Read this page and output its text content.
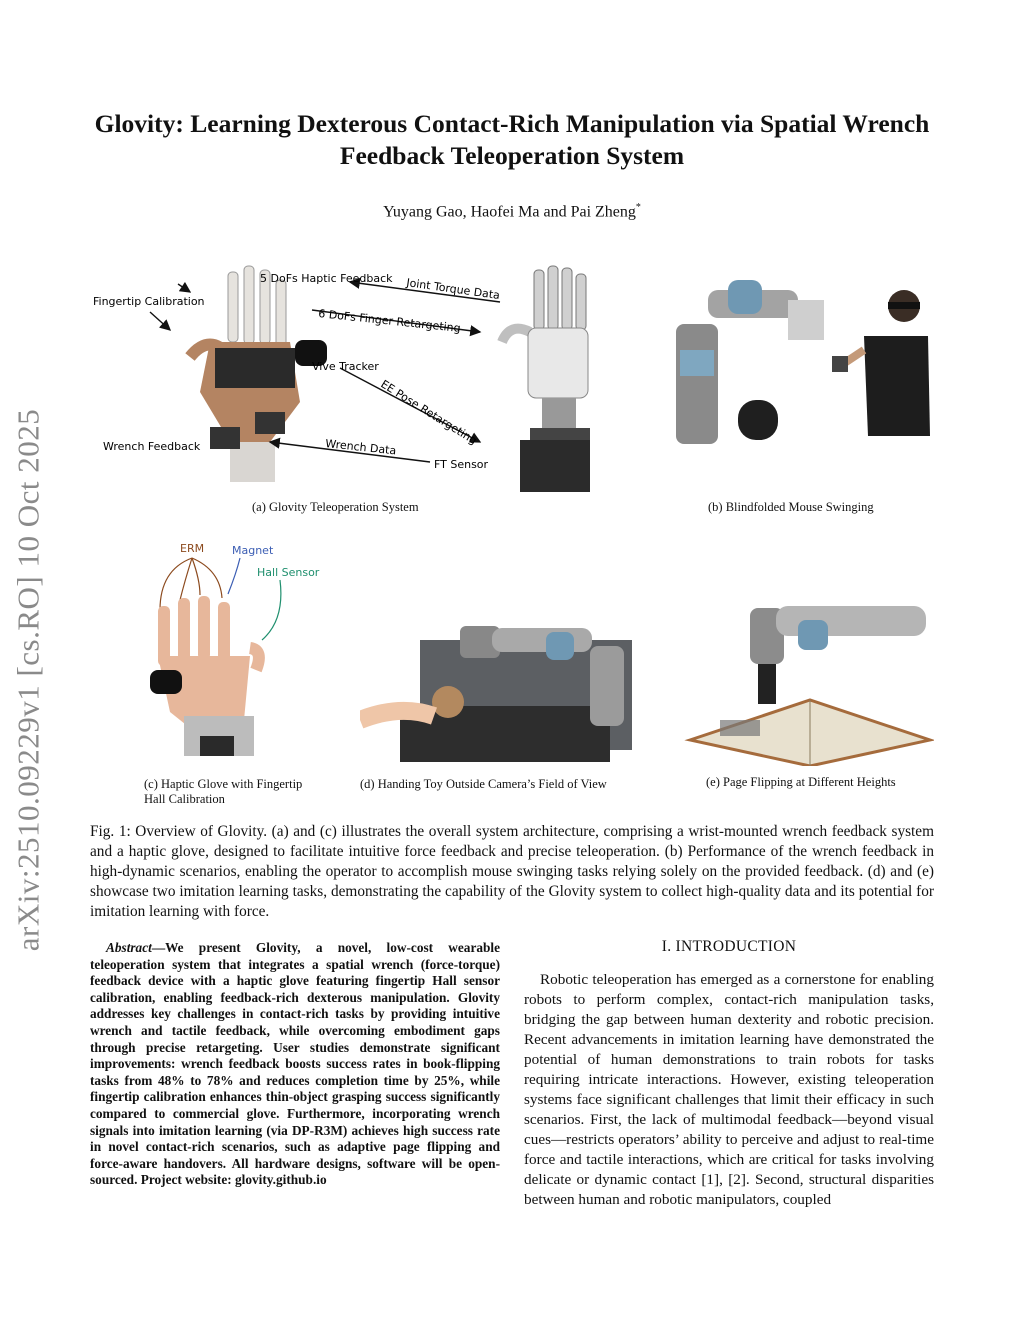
arXiv:2510.09229v1 [cs.RO] 10 Oct 2025
Glovity: Learning Dexterous Contact-Rich Manipulation via Spatial Wrench Feedback Teleoperation System
Yuyang Gao, Haofei Ma and Pai Zheng*
5 DoFs Haptic Feedback Joint Torque Data
Fingertip Calibration
6 DoFs Finger Retargeting
Vive Tracker
EE Pose Retargeting
Wrench Feedback	Wrench Data
FT Sensor
(a) Glovity Teleoperation System	(b) Blindfolded Mouse Swinging
ERM	Magnet
Hall Sensor
(c) Haptic Glove with Fingertip
Hall Calibration
(d) Handing Toy Outside Camera’s Field of View	(e) Page Flipping at Different Heights

Fig. 1: Overview of Glovity. (a) and (c) illustrates the overall system architecture, comprising a wrist-mounted wrench feedback system and a haptic glove, designed to facilitate intuitive force feedback and precise teleoperation. (b) Performance of the wrench feedback in high-dynamic scenarios, enabling the operator to accomplish mouse swinging tasks relying solely on the provided feedback. (d) and (e) showcase two imitation learning tasks, demonstrating the capability of the Glovity system to collect high-quality data and its potential for imitation learning with force.

Abstract—We present Glovity, a novel, low-cost wearable teleoperation system that integrates a spatial wrench (force-torque) feedback device with a haptic glove featuring fingertip Hall sensor calibration, enabling feedback-rich dexterous manipulation. Glovity addresses key challenges in contact-rich tasks by providing intuitive wrench and tactile feedback, while overcoming embodiment gaps through precise retargeting. User studies demonstrate significant improvements: wrench feedback boosts success rates in book-flipping tasks from 48% to 78% and reduces completion time by 25%, while fingertip calibration enhances thin-object grasping success significantly compared to commercial glove. Furthermore, incorporating wrench signals into imitation learning (via DP-R3M) achieves high success rate in novel contact-rich scenarios, such as adaptive page flipping and force-aware handovers. All hardware designs, software will be open-sourced. Project website: glovity.github.io

I. INTRODUCTION

Robotic teleoperation has emerged as a cornerstone for enabling robots to perform complex, contact-rich manipulation tasks, bridging the gap between human dexterity and robotic precision. Recent advancements in imitation learning have demonstrated the potential of human demonstrations to train robots for tasks requiring intricate interactions. However, existing teleoperation systems face significant challenges that limit their efficacy in such scenarios. First, the lack of multimodal feedback—beyond visual cues—restricts operators’ ability to perceive and adjust to real-time force and tactile interactions, which are critical for tasks involving delicate or dynamic contact [1], [2]. Second, structural disparities between human and robotic manipulators, coupled
